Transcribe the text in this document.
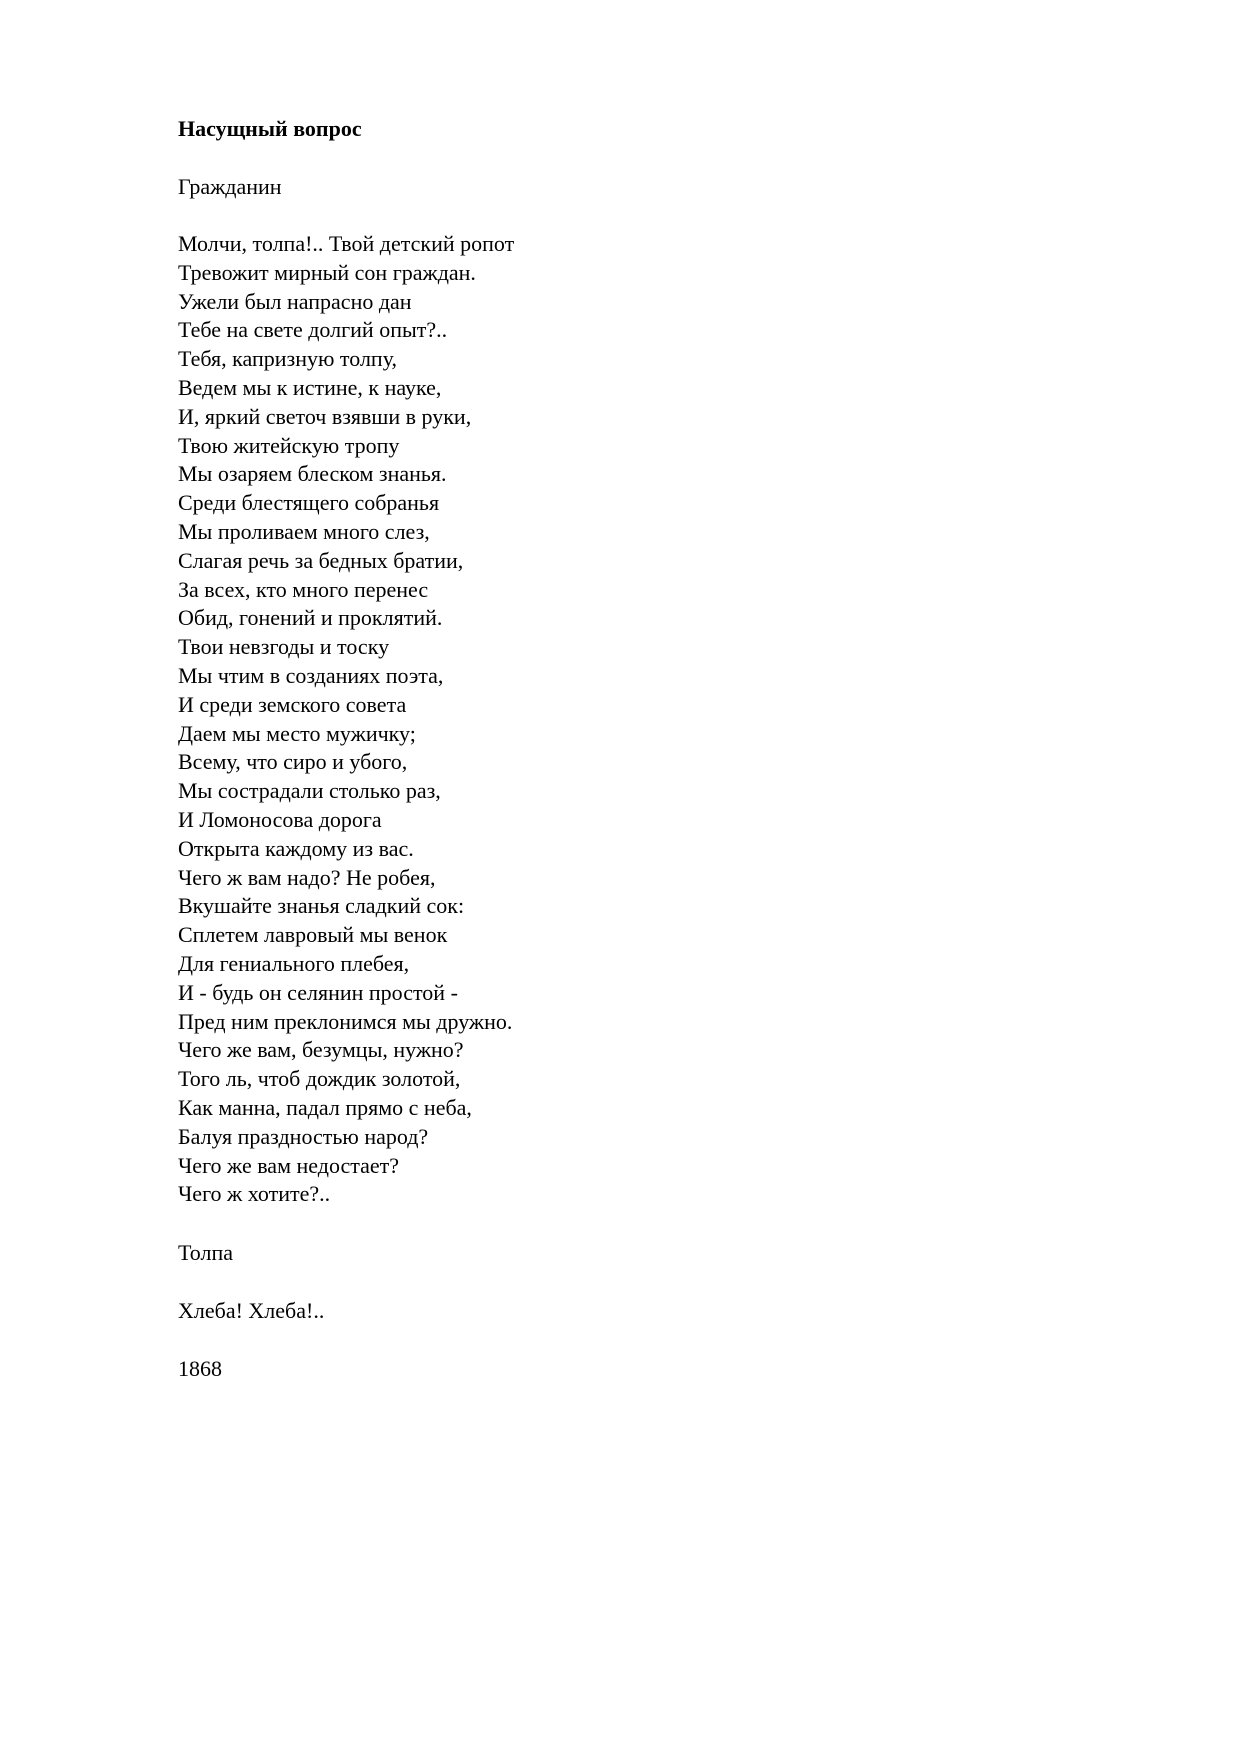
Насущный вопрос

Гражданин

Молчи, толпа!.. Твой детский ропот
Тревожит мирный сон граждан.
Ужели был напрасно дан
Тебе на свете долгий опыт?..
Тебя, капризную толпу,
Ведем мы к истине, к науке,
И, яркий светоч взявши в руки,
Твою житейскую тропу
Мы озаряем блеском знанья.
Среди блестящего собранья
Мы проливаем много слез,
Слагая речь за бедных братии,
За всех, кто много перенес
Обид, гонений и проклятий.
Твои невзгоды и тоску
Мы чтим в созданиях поэта,
И среди земского совета
Даем мы место мужичку;
Всему, что сиро и убого,
Мы сострадали столько раз,
И Ломоносова дорога
Открыта каждому из вас.
Чего ж вам надо? Не робея,
Вкушайте знанья сладкий сок:
Сплетем лавровый мы венок
Для гениального плебея,
И - будь он селянин простой -
Пред ним преклонимся мы дружно.
Чего же вам, безумцы, нужно?
Того ль, чтоб дождик золотой,
Как манна, падал прямо с неба,
Балуя праздностью народ?
Чего же вам недостает?
Чего ж хотите?..

Толпа

Хлеба! Хлеба!..

1868
